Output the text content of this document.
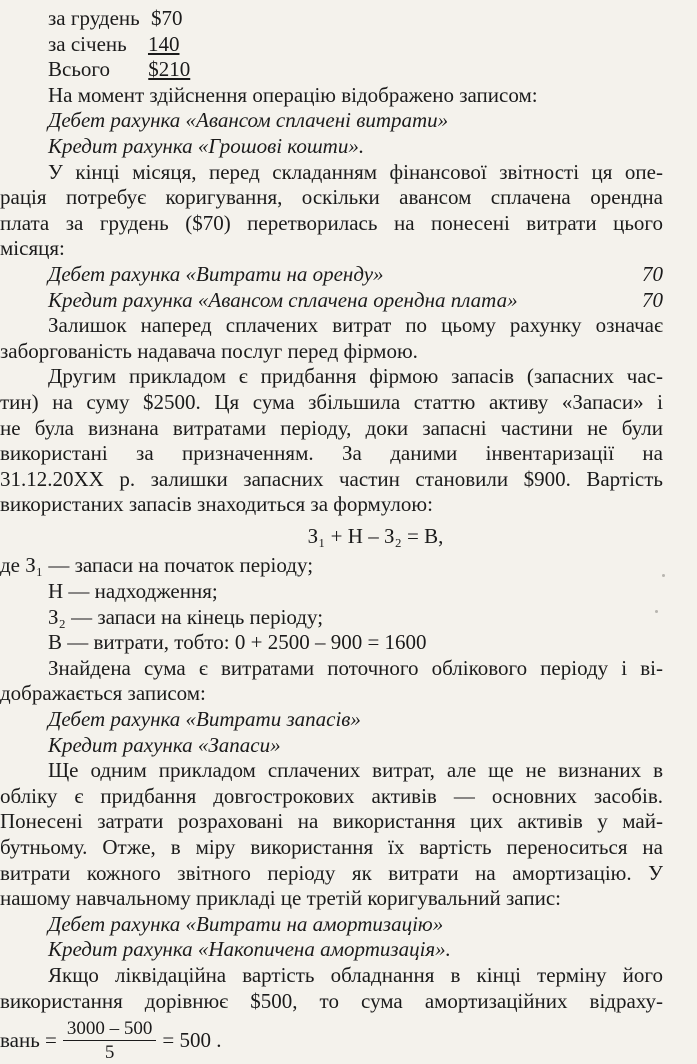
за грудень $70
за січень 140
Всього $210
На момент здійснення операцію відображено записом:
Дебет рахунка «Авансом сплачені витрати»
Кредит рахунка «Грошові кошти».
У кінці місяця, перед складанням фінансової звітності ця опе-
рація потребує коригування, оскільки авансом сплачена орендна
плата за грудень ($70) перетворилась на понесені витрати цього
місяця:
Дебет рахунка «Витрати на оренду»	70
Кредит рахунка «Авансом сплачена орендна плата»	70
Залишок наперед сплачених витрат по цьому рахунку означає
заборгованість надавача послуг перед фірмою.
Другим прикладом є придбання фірмою запасів (запасних час-
тин) на суму $2500. Ця сума збільшила статтю активу «Запаси» і
не була визнана витратами періоду, доки запасні частини не були
використані за призначенням. За даними інвентаризації на
31.12.20XX р. залишки запасних частин становили $900. Вартість
використаних запасів знаходиться за формулою:
З₁ + Н – З₂ = В,
де З₁ — запаси на початок періоду;
Н — надходження;
З₂ — запаси на кінець періоду;
В — витрати, тобто: 0 + 2500 – 900 = 1600
Знайдена сума є витратами поточного облікового періоду і ві-
дображається записом:
Дебет рахунка «Витрати запасів»
Кредит рахунка «Запаси»
Ще одним прикладом сплачених витрат, але ще не визнаних в
обліку є придбання довгострокових активів — основних засобів.
Понесені затрати розраховані на використання цих активів у май-
бутньому. Отже, в міру використання їх вартість переноситься на
витрати кожного звітного періоду як витрати на амортизацію. У
нашому навчальному прикладі це третій коригувальний запис:
Дебет рахунка «Витрати на амортизацію»
Кредит рахунка «Накопичена амортизація».
Якщо ліквідаційна вартість обладнання в кінці терміну його
використання дорівнює $500, то сума амортизаційних відраху-
вань = $\frac{3000 - 500}{5} = 500$ .
